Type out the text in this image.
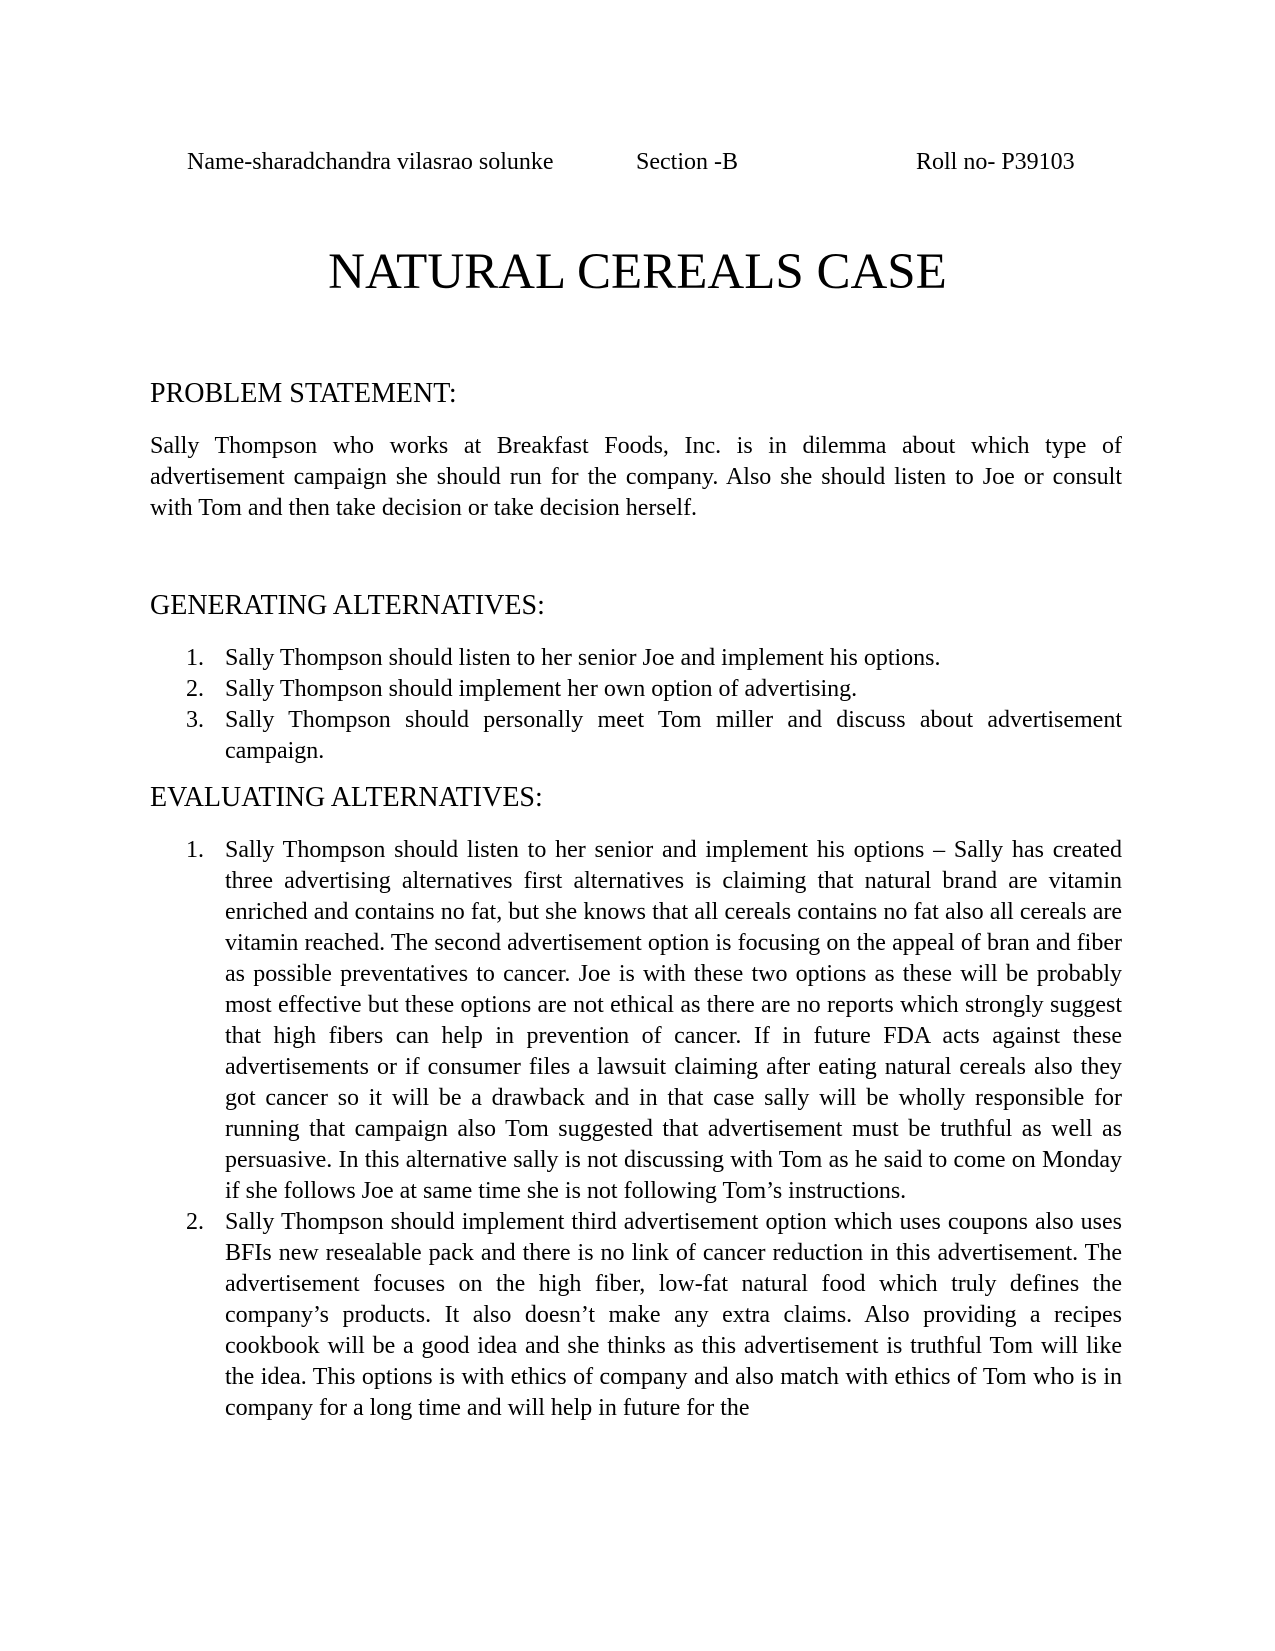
Name-sharadchandra vilasrao solunke	Section -B	Roll no- P39103
NATURAL CEREALS CASE
PROBLEM STATEMENT:
Sally Thompson who works at Breakfast Foods, Inc. is in dilemma about which type of advertisement campaign she should run for the company. Also she should listen to Joe or consult with Tom and then take decision or take decision herself.
GENERATING ALTERNATIVES:
1. Sally Thompson should listen to her senior Joe and implement his options.
2. Sally Thompson should implement her own option of advertising.
3. Sally Thompson should personally meet Tom miller and discuss about advertisement campaign.
EVALUATING ALTERNATIVES:
1. Sally Thompson should listen to her senior and implement his options – Sally has created three advertising alternatives first alternatives is claiming that natural brand are vitamin enriched and contains no fat, but she knows that all cereals contains no fat also all cereals are vitamin reached. The second advertisement option is focusing on the appeal of bran and fiber as possible preventatives to cancer. Joe is with these two options as these will be probably most effective but these options are not ethical as there are no reports which strongly suggest that high fibers can help in prevention of cancer. If in future FDA acts against these advertisements or if consumer files a lawsuit claiming after eating natural cereals also they got cancer so it will be a drawback and in that case sally will be wholly responsible for running that campaign also Tom suggested that advertisement must be truthful as well as persuasive. In this alternative sally is not discussing with Tom as he said to come on Monday if she follows Joe at same time she is not following Tom’s instructions.
2. Sally Thompson should implement third advertisement option which uses coupons also uses BFIs new resealable pack and there is no link of cancer reduction in this advertisement. The advertisement focuses on the high fiber, low-fat natural food which truly defines the company’s products. It also doesn’t make any extra claims. Also providing a recipes cookbook will be a good idea and she thinks as this advertisement is truthful Tom will like the idea. This options is with ethics of company and also match with ethics of Tom who is in company for a long time and will help in future for the
